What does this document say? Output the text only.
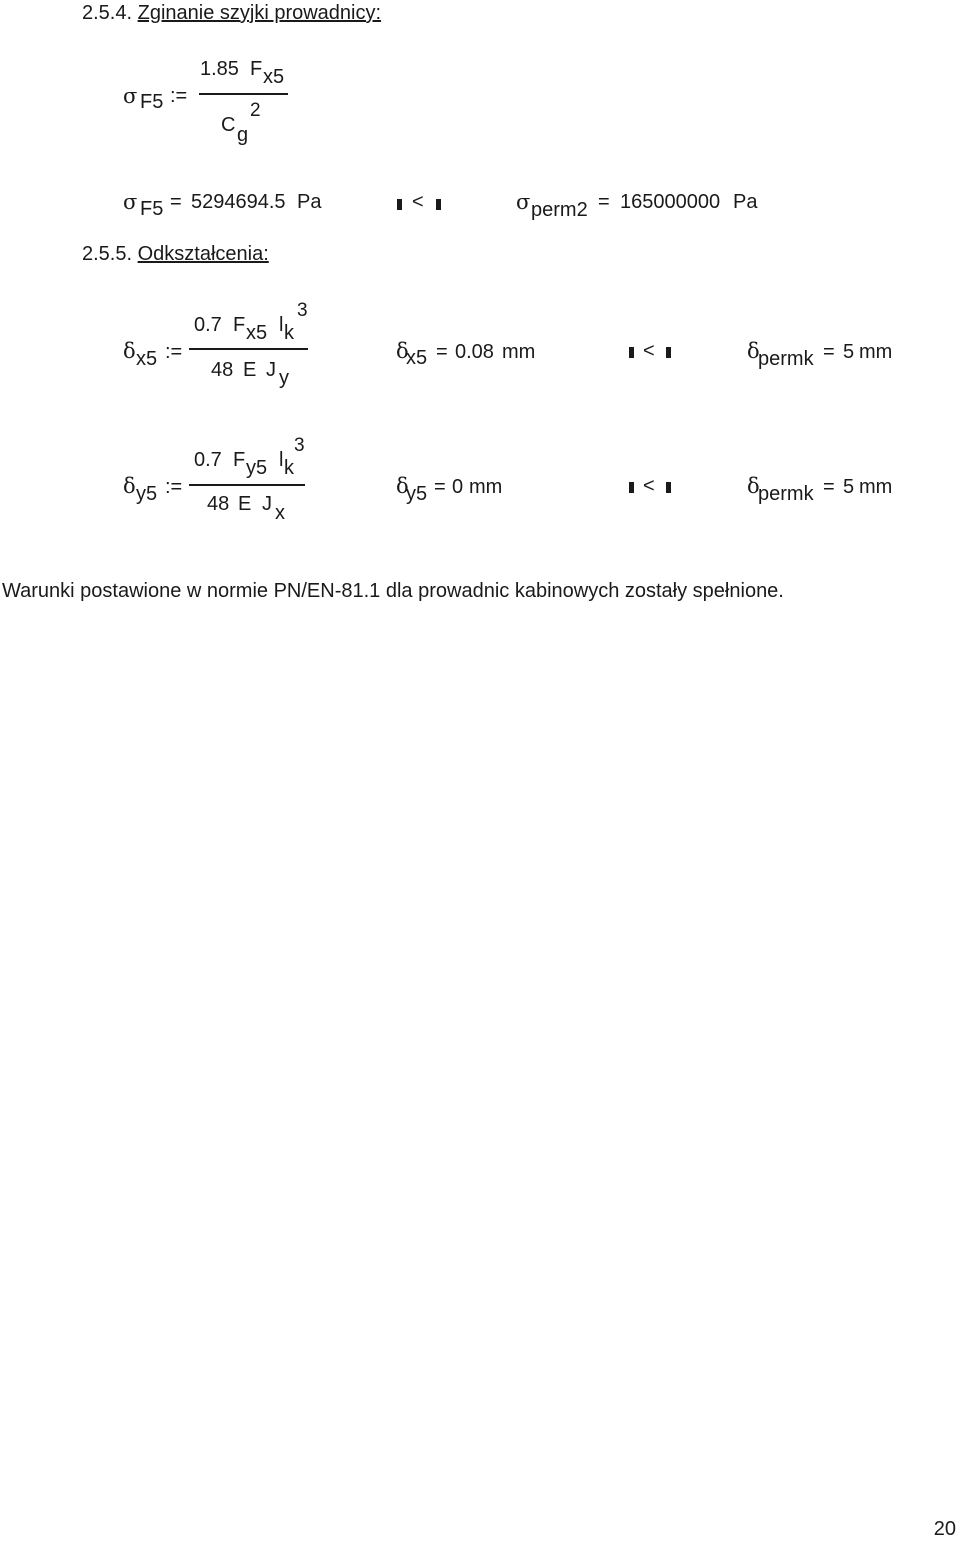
2.5.4. Zginanie szyjki prowadnicy:
σ F5 :=
1.85 F x5
C g
2
σ F5 = 5294694.5 Pa	<	σ perm2 = 165000000 Pa
2.5.5. Odkształcenia:
δ x5 :=
0.7 F x5 l k
3
48 E J y
δ
x5 = 0.08 mm	<	δ
permk = 5 mm
δ y5 :=
0.7 F y5 l k
3
48 E J x
δ
y5 = 0 mm	<	δ
permk = 5 mm
Warunki postawione w normie PN/EN-81.1 dla prowadnic kabinowych zostały spełnione.
20
